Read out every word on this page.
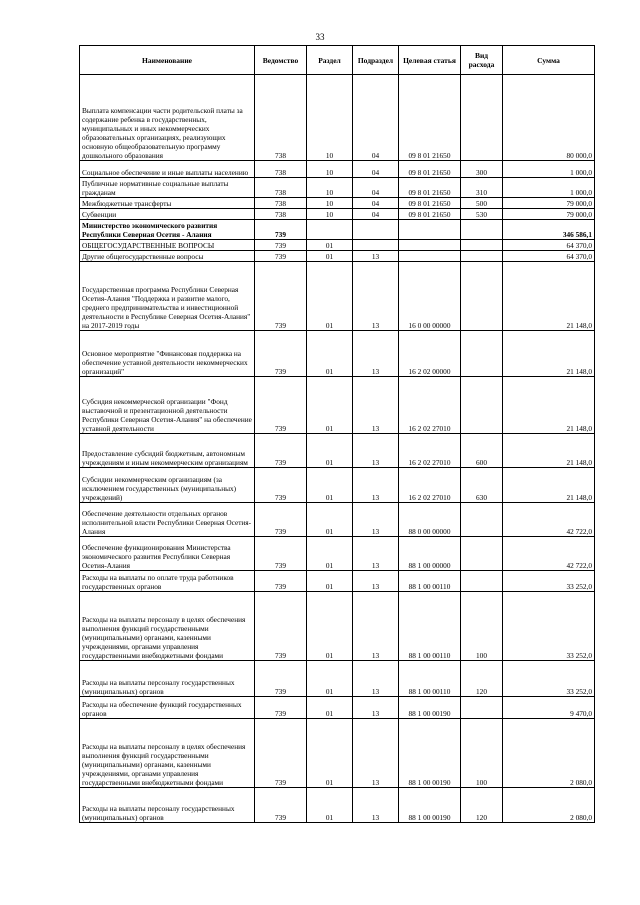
33
Наименование	Ведомство	Раздел	Подраздел	Целевая статья	Вид расхода	Сумма
Выплата компенсации части родительской платы за содержание ребенка в государственных, муниципальных и иных некоммерческих образовательных организациях, реализующих основную общеобразовательную программу дошкольного образования	738	10	04	09 8 01 21650		80 000,0
Социальное обеспечение и иные выплаты населению	738	10	04	09 8 01 21650	300	1 000,0
Публичные нормативные социальные выплаты гражданам	738	10	04	09 8 01 21650	310	1 000,0
Межбюджетные трансферты	738	10	04	09 8 01 21650	500	79 000,0
Субвенции	738	10	04	09 8 01 21650	530	79 000,0
Министерство экономического развития Республики Северная Осетия - Алания	739					346 586,1
ОБЩЕГОСУДАРСТВЕННЫЕ ВОПРОСЫ	739	01				64 370,0
Другие общегосударственные вопросы	739	01	13			64 370,0
Государственная программа Республики Северная Осетия-Алания "Поддержка и развитие малого, среднего предпринимательства и инвестиционной деятельности в Республике Северная Осетия-Алания" на 2017-2019 годы	739	01	13	16 0 00 00000		21 148,0
Основное мероприятие "Финансовая поддержка на обеспечение уставной деятельности некоммерческих организаций"	739	01	13	16 2 02 00000		21 148,0
Субсидия некоммерческой организации "Фонд выставочной и презентационной деятельности Республики Северная Осетия-Алания" на обеспечение уставной деятельности	739	01	13	16 2 02 27010		21 148,0
Предоставление субсидий бюджетным, автономным учреждениям и иным некоммерческим организациям	739	01	13	16 2 02 27010	600	21 148,0
Субсидии некоммерческим организациям (за исключением государственных (муниципальных) учреждений)	739	01	13	16 2 02 27010	630	21 148,0
Обеспечение деятельности отдельных органов исполнительной власти Республики Северная Осетия-Алания	739	01	13	88 0 00 00000		42 722,0
Обеспечение функционирования Министерства экономического развития Республики Северная Осетия-Алания	739	01	13	88 1 00 00000		42 722,0
Расходы на выплаты по оплате труда работников государственных органов	739	01	13	88 1 00 00110		33 252,0
Расходы на выплаты персоналу в целях обеспечения выполнения функций государственными (муниципальными) органами, казенными учреждениями, органами управления государственными внебюджетными фондами	739	01	13	88 1 00 00110	100	33 252,0
Расходы на выплаты персоналу государственных (муниципальных) органов	739	01	13	88 1 00 00110	120	33 252,0
Расходы на обеспечение функций государственных органов	739	01	13	88 1 00 00190		9 470,0
Расходы на выплаты персоналу в целях обеспечения выполнения функций государственными (муниципальными) органами, казенными учреждениями, органами управления государственными внебюджетными фондами	739	01	13	88 1 00 00190	100	2 080,0
Расходы на выплаты персоналу государственных (муниципальных) органов	739	01	13	88 1 00 00190	120	2 080,0
